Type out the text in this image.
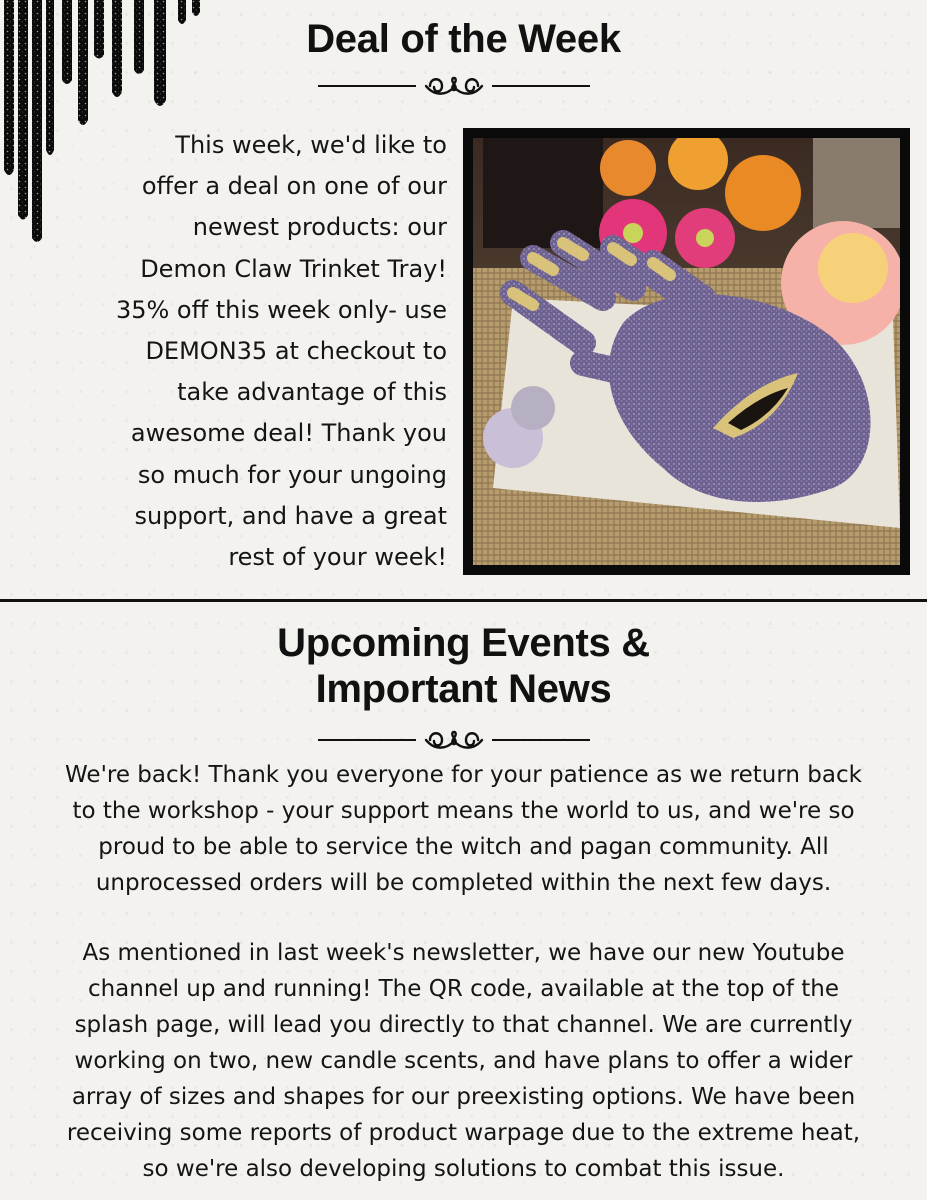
Deal of the Week
This week, we'd like to
offer a deal on one of our
newest products: our
Demon Claw Trinket Tray!
35% off this week only- use
DEMON35 at checkout to
take advantage of this
awesome deal! Thank you
so much for your ungoing
support, and have a great
rest of your week!
Upcoming Events &
Important News

We're back! Thank you everyone for your patience as we return back
to the workshop - your support means the world to us, and we're so
proud to be able to service the witch and pagan community. All
unprocessed orders will be completed within the next few days.

As mentioned in last week's newsletter, we have our new Youtube
channel up and running! The QR code, available at the top of the
splash page, will lead you directly to that channel. We are currently
working on two, new candle scents, and have plans to offer a wider
array of sizes and shapes for our preexisting options. We have been
receiving some reports of product warpage due to the extreme heat,
so we're also developing solutions to combat this issue.
